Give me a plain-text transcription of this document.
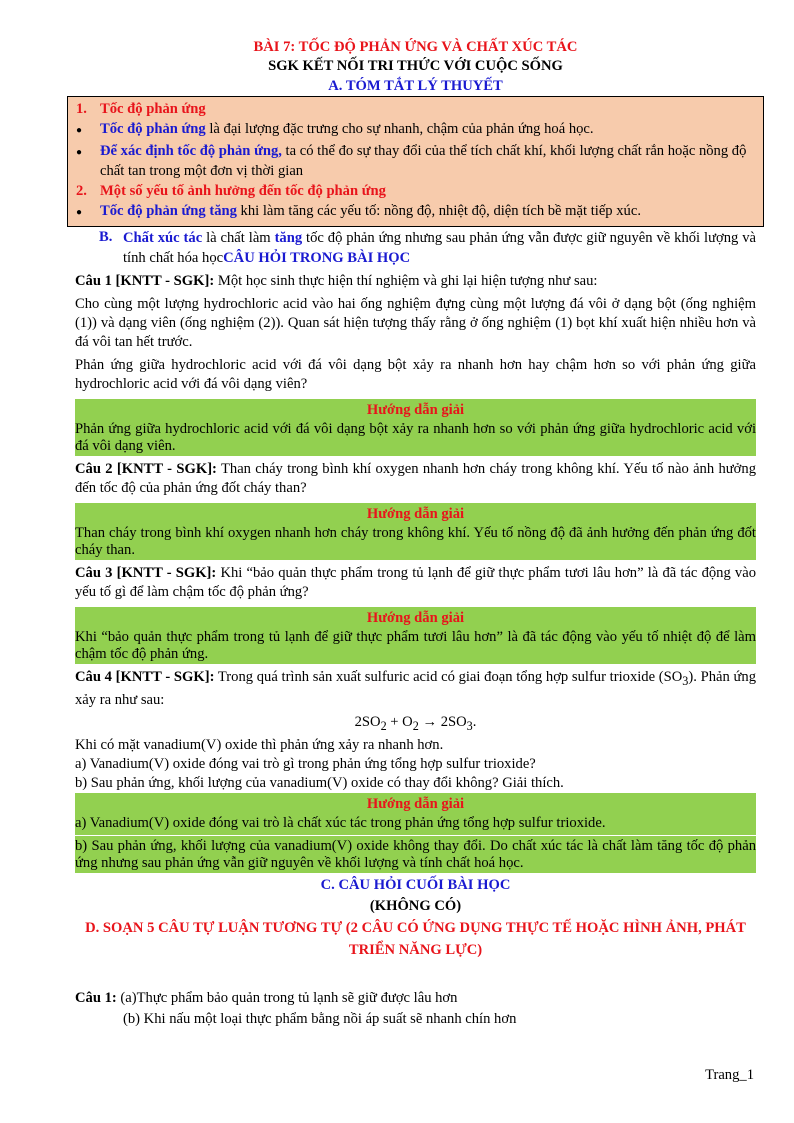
BÀI 7: TỐC ĐỘ PHẢN ỨNG VÀ CHẤT XÚC TÁC
SGK KẾT NỐI TRI THỨC VỚI CUỘC SỐNG
A. TÓM TẮT LÝ THUYẾT
1. Tốc độ phản ứng
●	Tốc độ phản ứng là đại lượng đặc trưng cho sự nhanh, chậm của phản ứng hoá học.
●	Để xác định tốc độ phản ứng, ta có thể đo sự thay đổi của thể tích chất khí, khối lượng chất rắn hoặc nồng độ chất tan trong một đơn vị thời gian
2. Một số yếu tố ảnh hưởng đến tốc độ phản ứng
●	Tốc độ phản ứng tăng khi làm tăng các yếu tố: nồng độ, nhiệt độ, diện tích bề mặt tiếp xúc.
B. Chất xúc tác là chất làm tăng tốc độ phản ứng nhưng sau phản ứng vẫn được giữ nguyên về khối lượng và tính chất hóa họcCÂU HỎI TRONG BÀI HỌC

Câu 1 [KNTT - SGK]: Một học sinh thực hiện thí nghiệm và ghi lại hiện tượng như sau:

Cho cùng một lượng hydrochloric acid vào hai ống nghiệm đựng cùng một lượng đá vôi ở dạng bột (ống nghiệm (1)) và dạng viên (ống nghiệm (2)). Quan sát hiện tượng thấy rằng ở ống nghiệm (1) bọt khí xuất hiện nhiều hơn và đá vôi tan hết trước.

Phản ứng giữa hydrochloric acid với đá vôi dạng bột xảy ra nhanh hơn hay chậm hơn so với phản ứng giữa hydrochloric acid với đá vôi dạng viên?

Hướng dẫn giải
Phản ứng giữa hydrochloric acid với đá vôi dạng bột xảy ra nhanh hơn so với phản ứng giữa hydrochloric acid với đá vôi dạng viên.

Câu 2 [KNTT - SGK]: Than cháy trong bình khí oxygen nhanh hơn cháy trong không khí. Yếu tố nào ảnh hưởng đến tốc độ của phản ứng đốt cháy than?

Hướng dẫn giải
Than cháy trong bình khí oxygen nhanh hơn cháy trong không khí. Yếu tố nồng độ đã ảnh hưởng đến phản ứng đốt cháy than.

Câu 3 [KNTT - SGK]: Khi “bảo quản thực phẩm trong tủ lạnh để giữ thực phẩm tươi lâu hơn” là đã tác động vào yếu tố gì để làm chậm tốc độ phản ứng?

Hướng dẫn giải
Khi “bảo quản thực phẩm trong tủ lạnh để giữ thực phẩm tươi lâu hơn” là đã tác động vào yếu tố nhiệt độ để làm chậm tốc độ phản ứng.

Câu 4 [KNTT - SGK]: Trong quá trình sản xuất sulfuric acid có giai đoạn tổng hợp sulfur trioxide $(SO_3)$. Phản ứng xảy ra như sau:

$2SO_2 + O_2 \to 2SO_3$.

Khi có mặt vanadium(V) oxide thì phản ứng xảy ra nhanh hơn.

a) Vanadium(V) oxide đóng vai trò gì trong phản ứng tổng hợp sulfur trioxide?

b) Sau phản ứng, khối lượng của vanadium(V) oxide có thay đổi không? Giải thích.

Hướng dẫn giải
a) Vanadium(V) oxide đóng vai trò là chất xúc tác trong phản ứng tổng hợp sulfur trioxide.
b) Sau phản ứng, khối lượng của vanadium(V) oxide không thay đổi. Do chất xúc tác là chất làm tăng tốc độ phản ứng nhưng sau phản ứng vẫn giữ nguyên về khối lượng và tính chất hoá học.
C. CÂU HỎI CUỐI BÀI HỌC
(KHÔNG CÓ)
D. SOẠN 5 CÂU TỰ LUẬN TƯƠNG TỰ (2 CÂU CÓ ỨNG DỤNG THỰC TẾ HOẶC HÌNH ẢNH, PHÁT TRIỂN NĂNG LỰC)

Câu 1: (a)Thực phẩm bảo quản trong tủ lạnh sẽ giữ được lâu hơn

(b) Khi nấu một loại thực phẩm bằng nồi áp suất sẽ nhanh chín hơn

Trang_1
